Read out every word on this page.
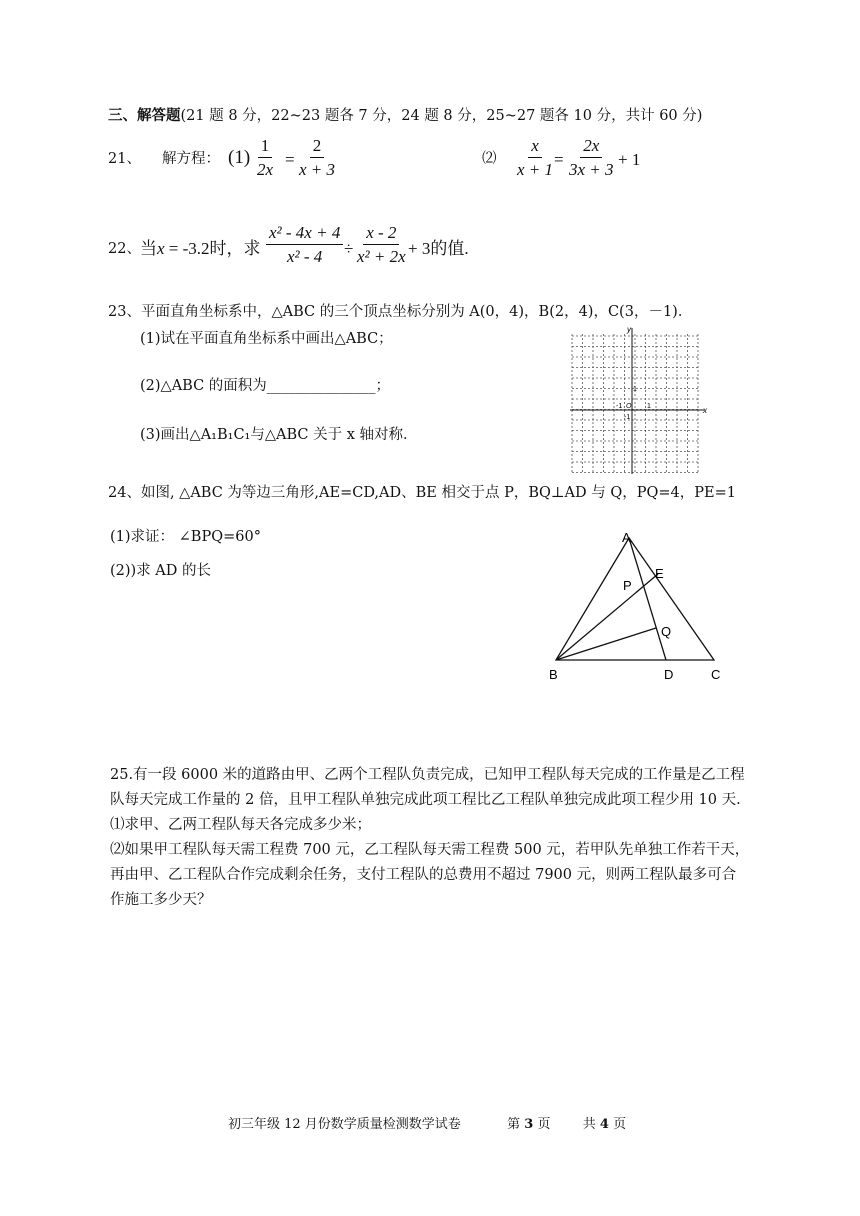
三、解答题(21 题 8 分，22~23 题各 7 分，24 题 8 分，25~27 题各 10 分，共计 60 分)
21、 解方程： $(1) \frac{1}{2x} = \frac{2}{x + 3}$	⑵ $\frac{x}{x + 1}$
= $\frac{2x}{3x + 3} + 1$
22、 当x = -3.2时，求 $\frac{\text{x² - 4x + 4}}{\text{x² - 4}} \div \frac{x - 2}{\text{x² + 2x}} + 3$的值.
23、平面直角坐标系中，△ABC 的三个顶点坐标分别为 A(0，4)，B(2，4)，C(3，－1)．
(1)试在平面直角坐标系中画出△ABC；
(2)△ABC 的面积为_______________；
(3)画出△A₁B₁C₁与△ABC 关于 x 轴对称．
y
x
O
-1	1
1
-1
24、如图, △ABC 为等边三角形,AE=CD,AD、BE 相交于点 P，BQ⊥AD 与 Q，PQ=4，PE=1
(1)求证： ∠BPQ=60°
(2))求 AD 的长
A
B	C
D
E
P
Q
25.有一段 6000 米的道路由甲、乙两个工程队负责完成，已知甲工程队每天完成的工作量是乙工程
队每天完成工作量的 2 倍，且甲工程队单独完成此项工程比乙工程队单独完成此项工程少用 10 天.
⑴求甲、乙两工程队每天各完成多少米；
⑵如果甲工程队每天需工程费 700 元，乙工程队每天需工程费 500 元，若甲队先单独工作若干天，
再由甲、乙工程队合作完成剩余任务，支付工程队的总费用不超过 7900 元，则两工程队最多可合
作施工多少天？
初三年级 12 月份数学质量检测数学试卷	第 3 页 共 4 页
